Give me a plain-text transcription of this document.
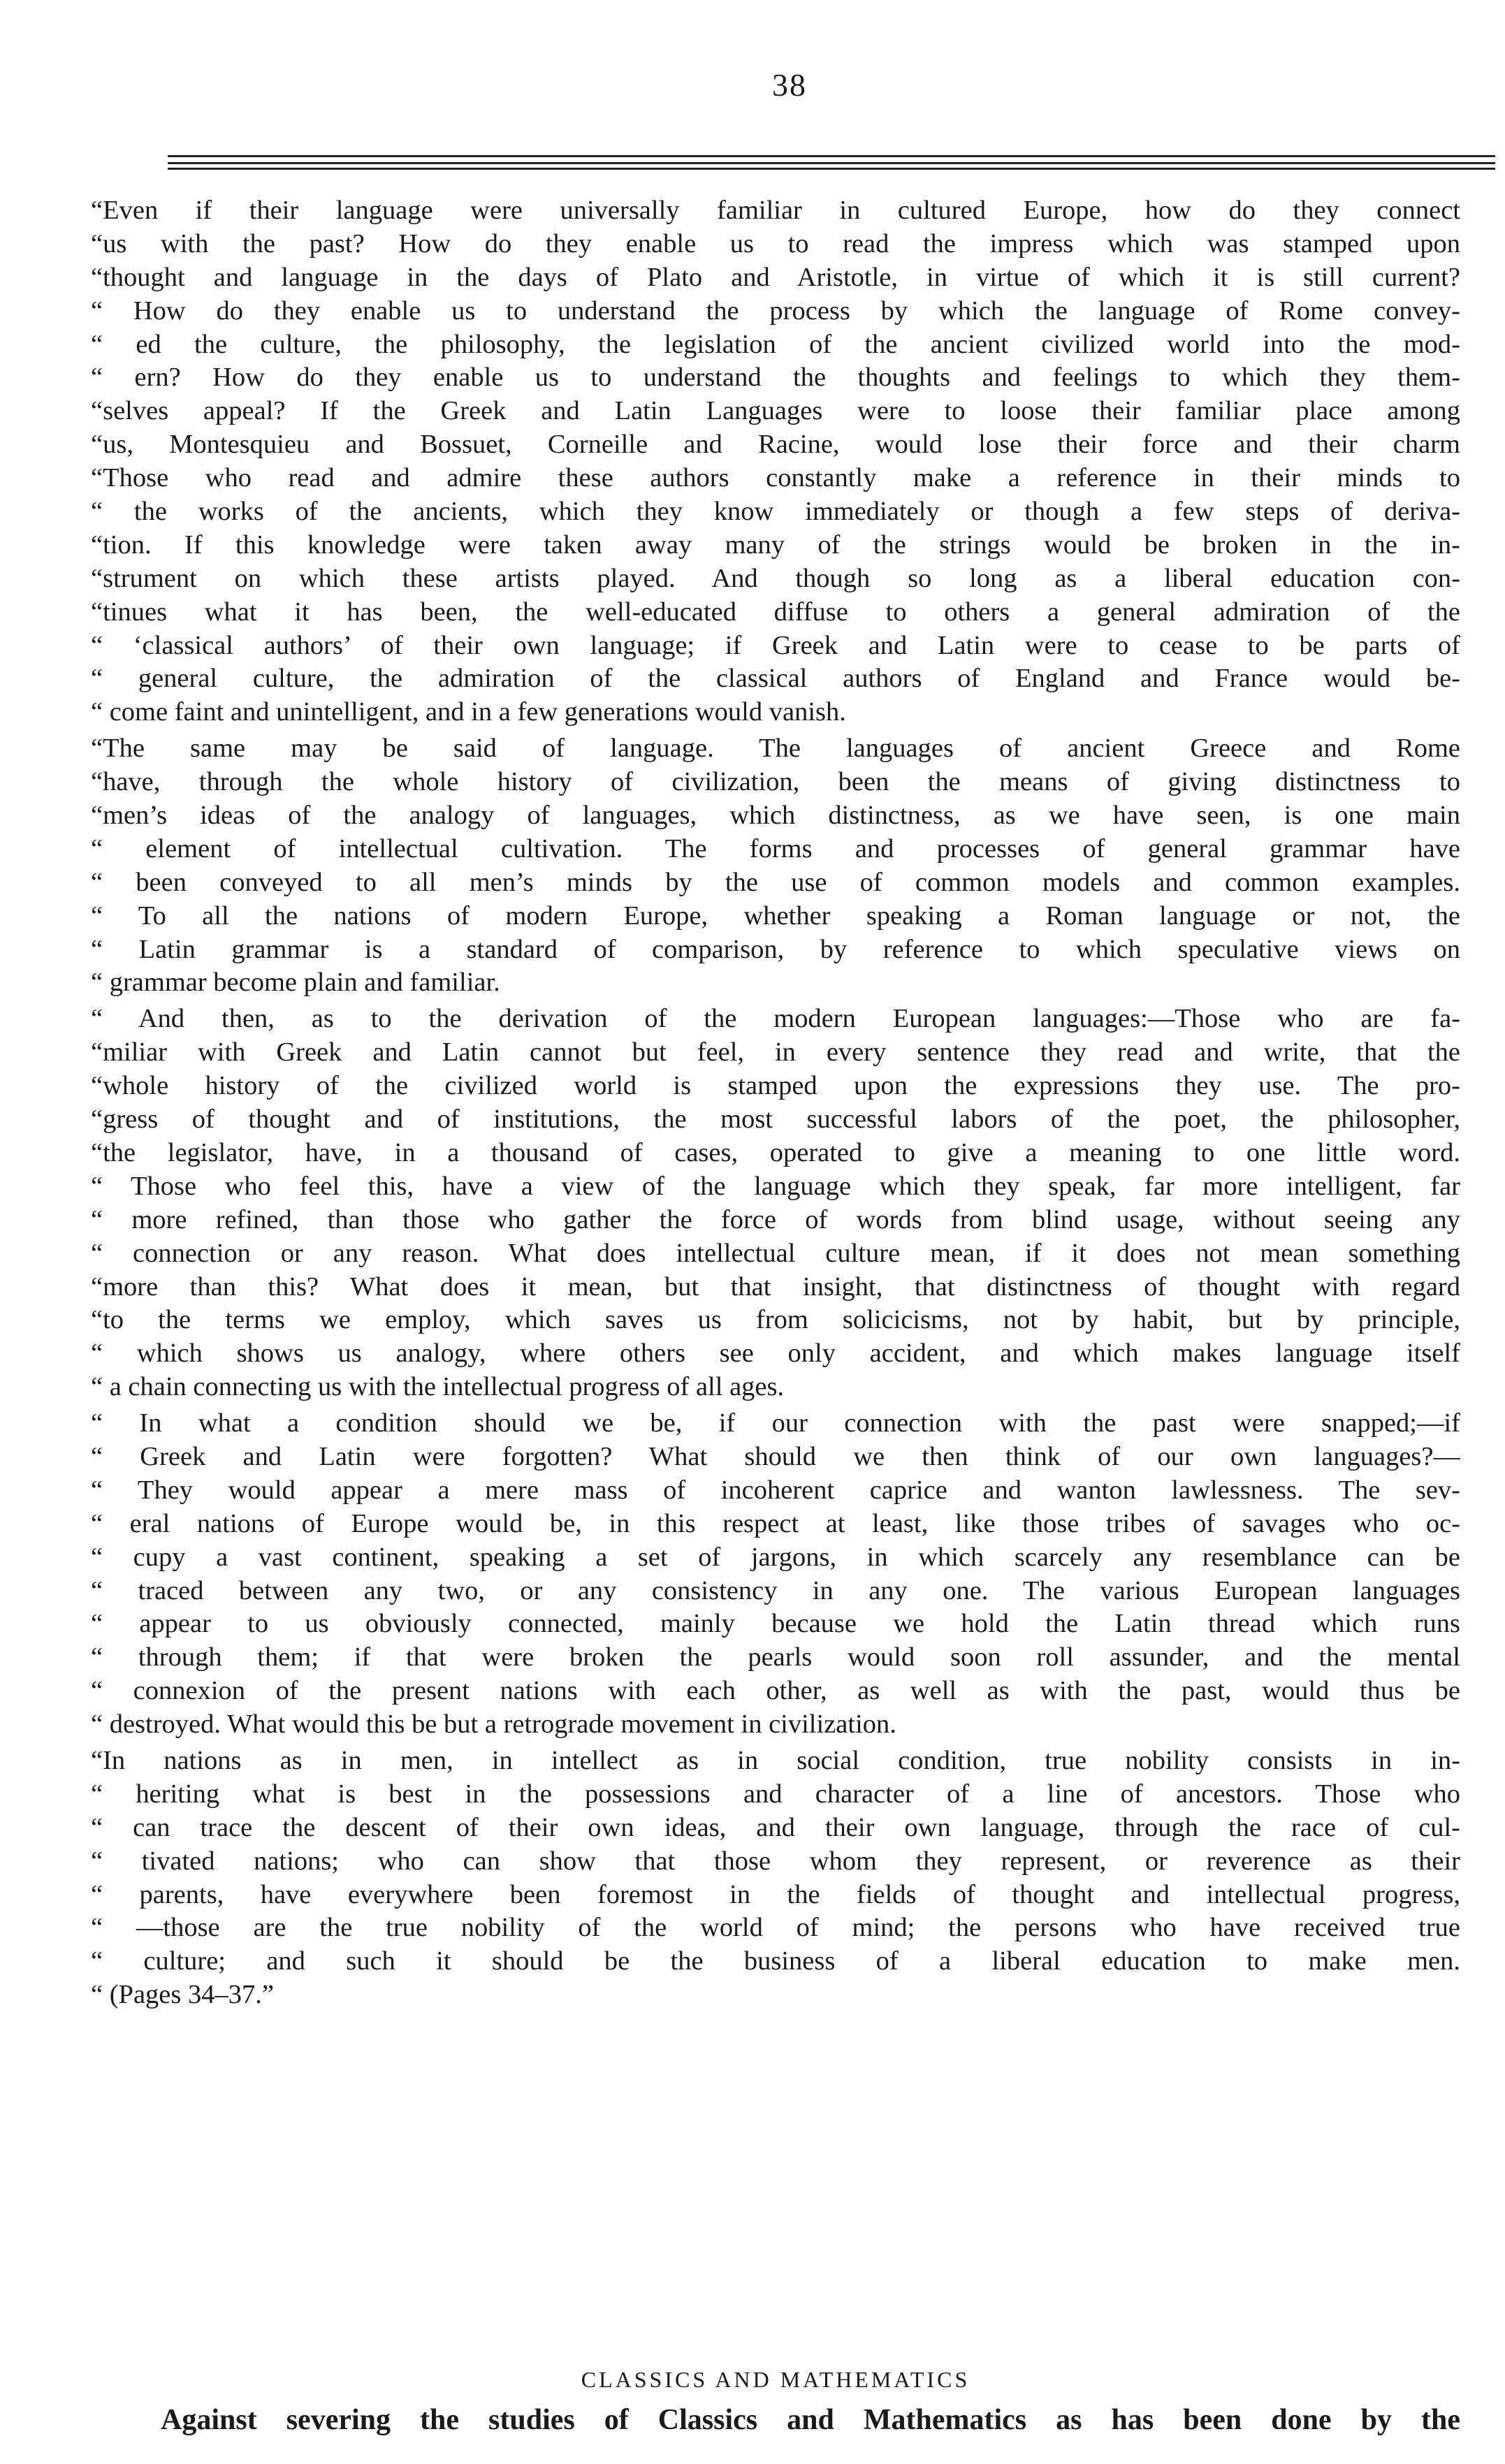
38
“Even if their language were universally familiar in cultured Europe, how do they connect
“us with the past? How do they enable us to read the impress which was stamped upon
“thought and language in the days of Plato and Aristotle, in virtue of which it is still current?
“ How do they enable us to understand the process by which the language of Rome convey-
“ ed the culture, the philosophy, the legislation of the ancient civilized world into the mod-
“ ern? How do they enable us to understand the thoughts and feelings to which they them-
“selves appeal? If the Greek and Latin Languages were to loose their familiar place among
“us, Montesquieu and Bossuet, Corneille and Racine, would lose their force and their charm
“Those who read and admire these authors constantly make a reference in their minds to
“ the works of the ancients, which they know immediately or though a few steps of deriva-
“tion. If this knowledge were taken away many of the strings would be broken in the in-
“strument on which these artists played. And though so long as a liberal education con-
“tinues what it has been, the well-educated diffuse to others a general admiration of the
“ ‘classical authors’ of their own language; if Greek and Latin were to cease to be parts of
“ general culture, the admiration of the classical authors of England and France would be-
“ come faint and unintelligent, and in a few generations would vanish.
“The same may be said of language. The languages of ancient Greece and Rome
“have, through the whole history of civilization, been the means of giving distinctness to
“men’s ideas of the analogy of languages, which distinctness, as we have seen, is one main
“ element of intellectual cultivation. The forms and processes of general grammar have
“ been conveyed to all men’s minds by the use of common models and common examples.
“ To all the nations of modern Europe, whether speaking a Roman language or not, the
“ Latin grammar is a standard of comparison, by reference to which speculative views on
“ grammar become plain and familiar.
“ And then, as to the derivation of the modern European languages:—Those who are fa-
“miliar with Greek and Latin cannot but feel, in every sentence they read and write, that the
“whole history of the civilized world is stamped upon the expressions they use. The pro-
“gress of thought and of institutions, the most successful labors of the poet, the philosopher,
“the legislator, have, in a thousand of cases, operated to give a meaning to one little word.
“ Those who feel this, have a view of the language which they speak, far more intelligent, far
“ more refined, than those who gather the force of words from blind usage, without seeing any
“ connection or any reason. What does intellectual culture mean, if it does not mean something
“more than this? What does it mean, but that insight, that distinctness of thought with regard
“to the terms we employ, which saves us from solicicisms, not by habit, but by principle,
“ which shows us analogy, where others see only accident, and which makes language itself
“ a chain connecting us with the intellectual progress of all ages.
“ In what a condition should we be, if our connection with the past were snapped;—if
“ Greek and Latin were forgotten? What should we then think of our own languages?—
“ They would appear a mere mass of incoherent caprice and wanton lawlessness. The sev-
“ eral nations of Europe would be, in this respect at least, like those tribes of savages who oc-
“ cupy a vast continent, speaking a set of jargons, in which scarcely any resemblance can be
“ traced between any two, or any consistency in any one. The various European languages
“ appear to us obviously connected, mainly because we hold the Latin thread which runs
“ through them; if that were broken the pearls would soon roll assunder, and the mental
“ connexion of the present nations with each other, as well as with the past, would thus be
“ destroyed. What would this be but a retrograde movement in civilization.
“In nations as in men, in intellect as in social condition, true nobility consists in in-
“ heriting what is best in the possessions and character of a line of ancestors. Those who
“ can trace the descent of their own ideas, and their own language, through the race of cul-
“ tivated nations; who can show that those whom they represent, or reverence as their
“ parents, have everywhere been foremost in the fields of thought and intellectual progress,
“ —those are the true nobility of the world of mind; the persons who have received true
“ culture; and such it should be the business of a liberal education to make men.
“ (Pages 34–37.”
CLASSICS AND MATHEMATICS
Against severing the studies of Classics and Mathematics as has been done by the
